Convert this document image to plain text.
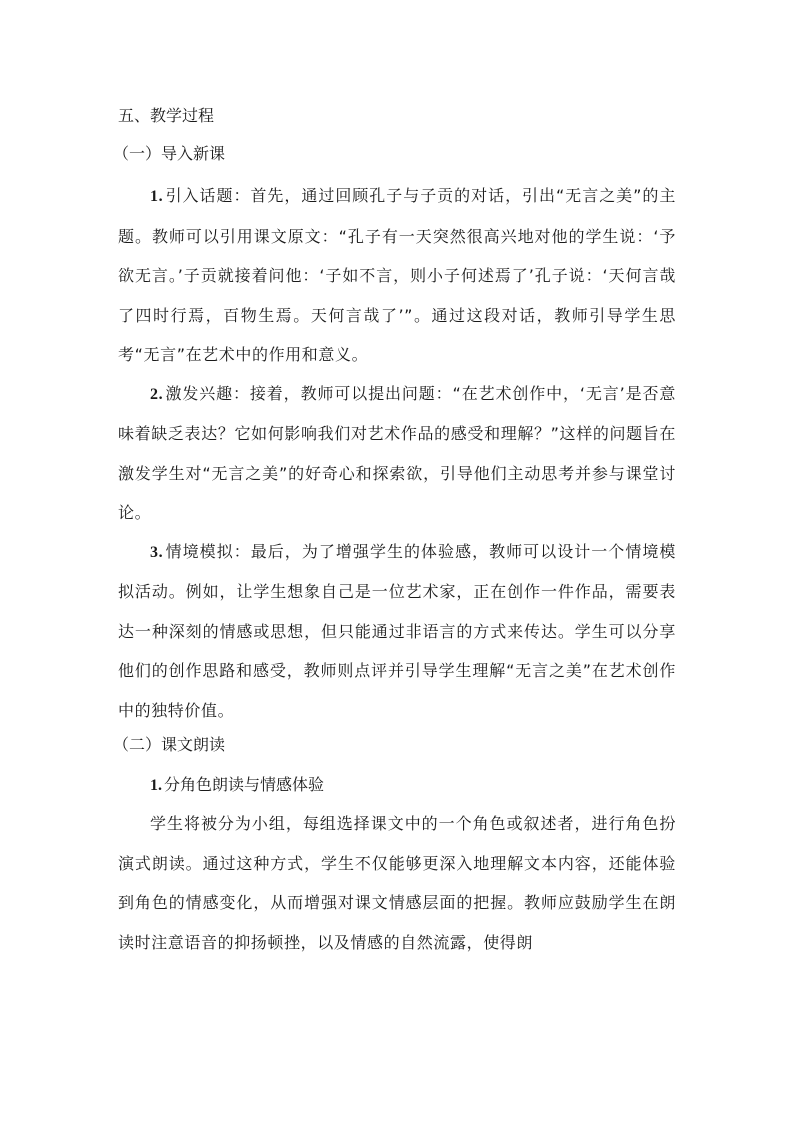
五、教学过程
（一）导入新课

1. 引入话题：首先，通过回顾孔子与子贡的对话，引出“无言之美”的主题。教师可以引用课文原文：“孔子有一天突然很高兴地对他的学生说：‘予欲无言。’子贡就接着问他：‘子如不言，则小子何述焉了’孔子说：‘天何言哉了四时行焉，百物生焉。天何言哉了’”。通过这段对话，教师引导学生思考“无言”在艺术中的作用和意义。

2. 激发兴趣：接着，教师可以提出问题：“在艺术创作中，‘无言’是否意味着缺乏表达？它如何影响我们对艺术作品的感受和理解？”这样的问题旨在激发学生对“无言之美”的好奇心和探索欲，引导他们主动思考并参与课堂讨论。

3. 情境模拟：最后，为了增强学生的体验感，教师可以设计一个情境模拟活动。例如，让学生想象自己是一位艺术家，正在创作一件作品，需要表达一种深刻的情感或思想，但只能通过非语言的方式来传达。学生可以分享他们的创作思路和感受，教师则点评并引导学生理解“无言之美”在艺术创作中的独特价值。

（二）课文朗读
1. 分角色朗读与情感体验

学生将被分为小组，每组选择课文中的一个角色或叙述者，进行角色扮演式朗读。通过这种方式，学生不仅能够更深入地理解文本内容，还能体验到角色的情感变化，从而增强对课文情感层面的把握。教师应鼓励学生在朗读时注意语音的抑扬顿挫，以及情感的自然流露，使得朗
